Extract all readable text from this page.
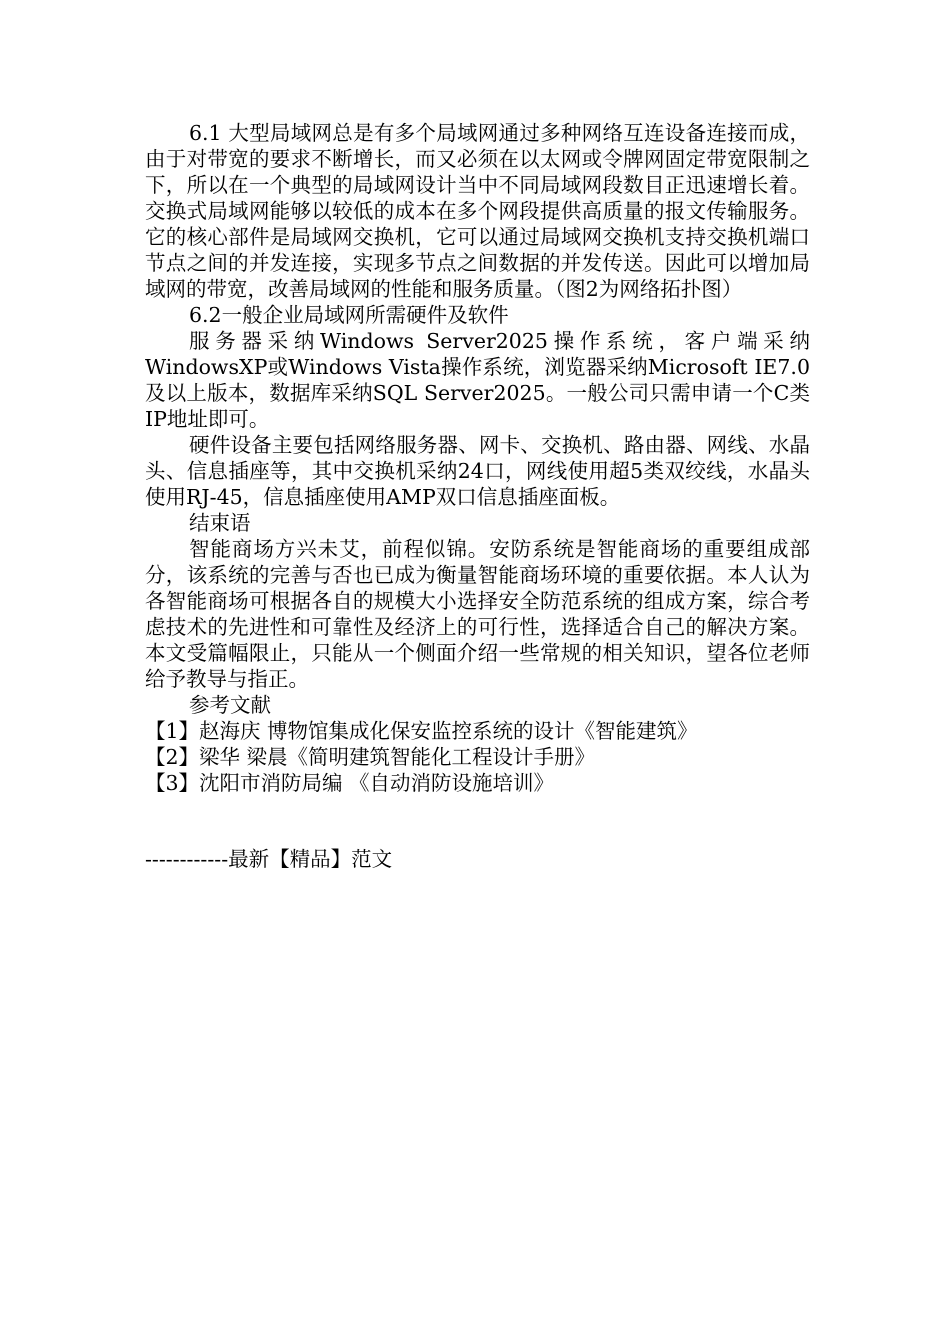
6.1 大型局域网总是有多个局域网通过多种网络互连设备连接而成，由于对带宽的要求不断增长，而又必须在以太网或令牌网固定带宽限制之下，所以在一个典型的局域网设计当中不同局域网段数目正迅速增长着。交换式局域网能够以较低的成本在多个网段提供高质量的报文传输服务。它的核心部件是局域网交换机，它可以通过局域网交换机支持交换机端口节点之间的并发连接，实现多节点之间数据的并发传送。因此可以增加局域网的带宽，改善局域网的性能和服务质量。（图2为网络拓扑图）

6.2一般企业局域网所需硬件及软件

服务器采纳Windows Server2025操作系统，客户端采纳WindowsXP或Windows Vista操作系统，浏览器采纳Microsoft IE7.0及以上版本，数据库采纳SQL Server2025。一般公司只需申请一个C类IP地址即可。

硬件设备主要包括网络服务器、网卡、交换机、路由器、网线、水晶头、信息插座等，其中交换机采纳24口，网线使用超5类双绞线，水晶头使用RJ-45，信息插座使用AMP双口信息插座面板。

结束语

智能商场方兴未艾，前程似锦。安防系统是智能商场的重要组成部分，该系统的完善与否也已成为衡量智能商场环境的重要依据。本人认为各智能商场可根据各自的规模大小选择安全防范系统的组成方案，综合考虑技术的先进性和可靠性及经济上的可行性，选择适合自己的解决方案。本文受篇幅限止，只能从一个侧面介绍一些常规的相关知识，望各位老师给予教导与指正。

参考文献

【1】赵海庆 博物馆集成化保安监控系统的设计《智能建筑》

【2】梁华 梁晨《简明建筑智能化工程设计手册》

【3】沈阳市消防局编 《自动消防设施培训》

------------最新【精品】范文
